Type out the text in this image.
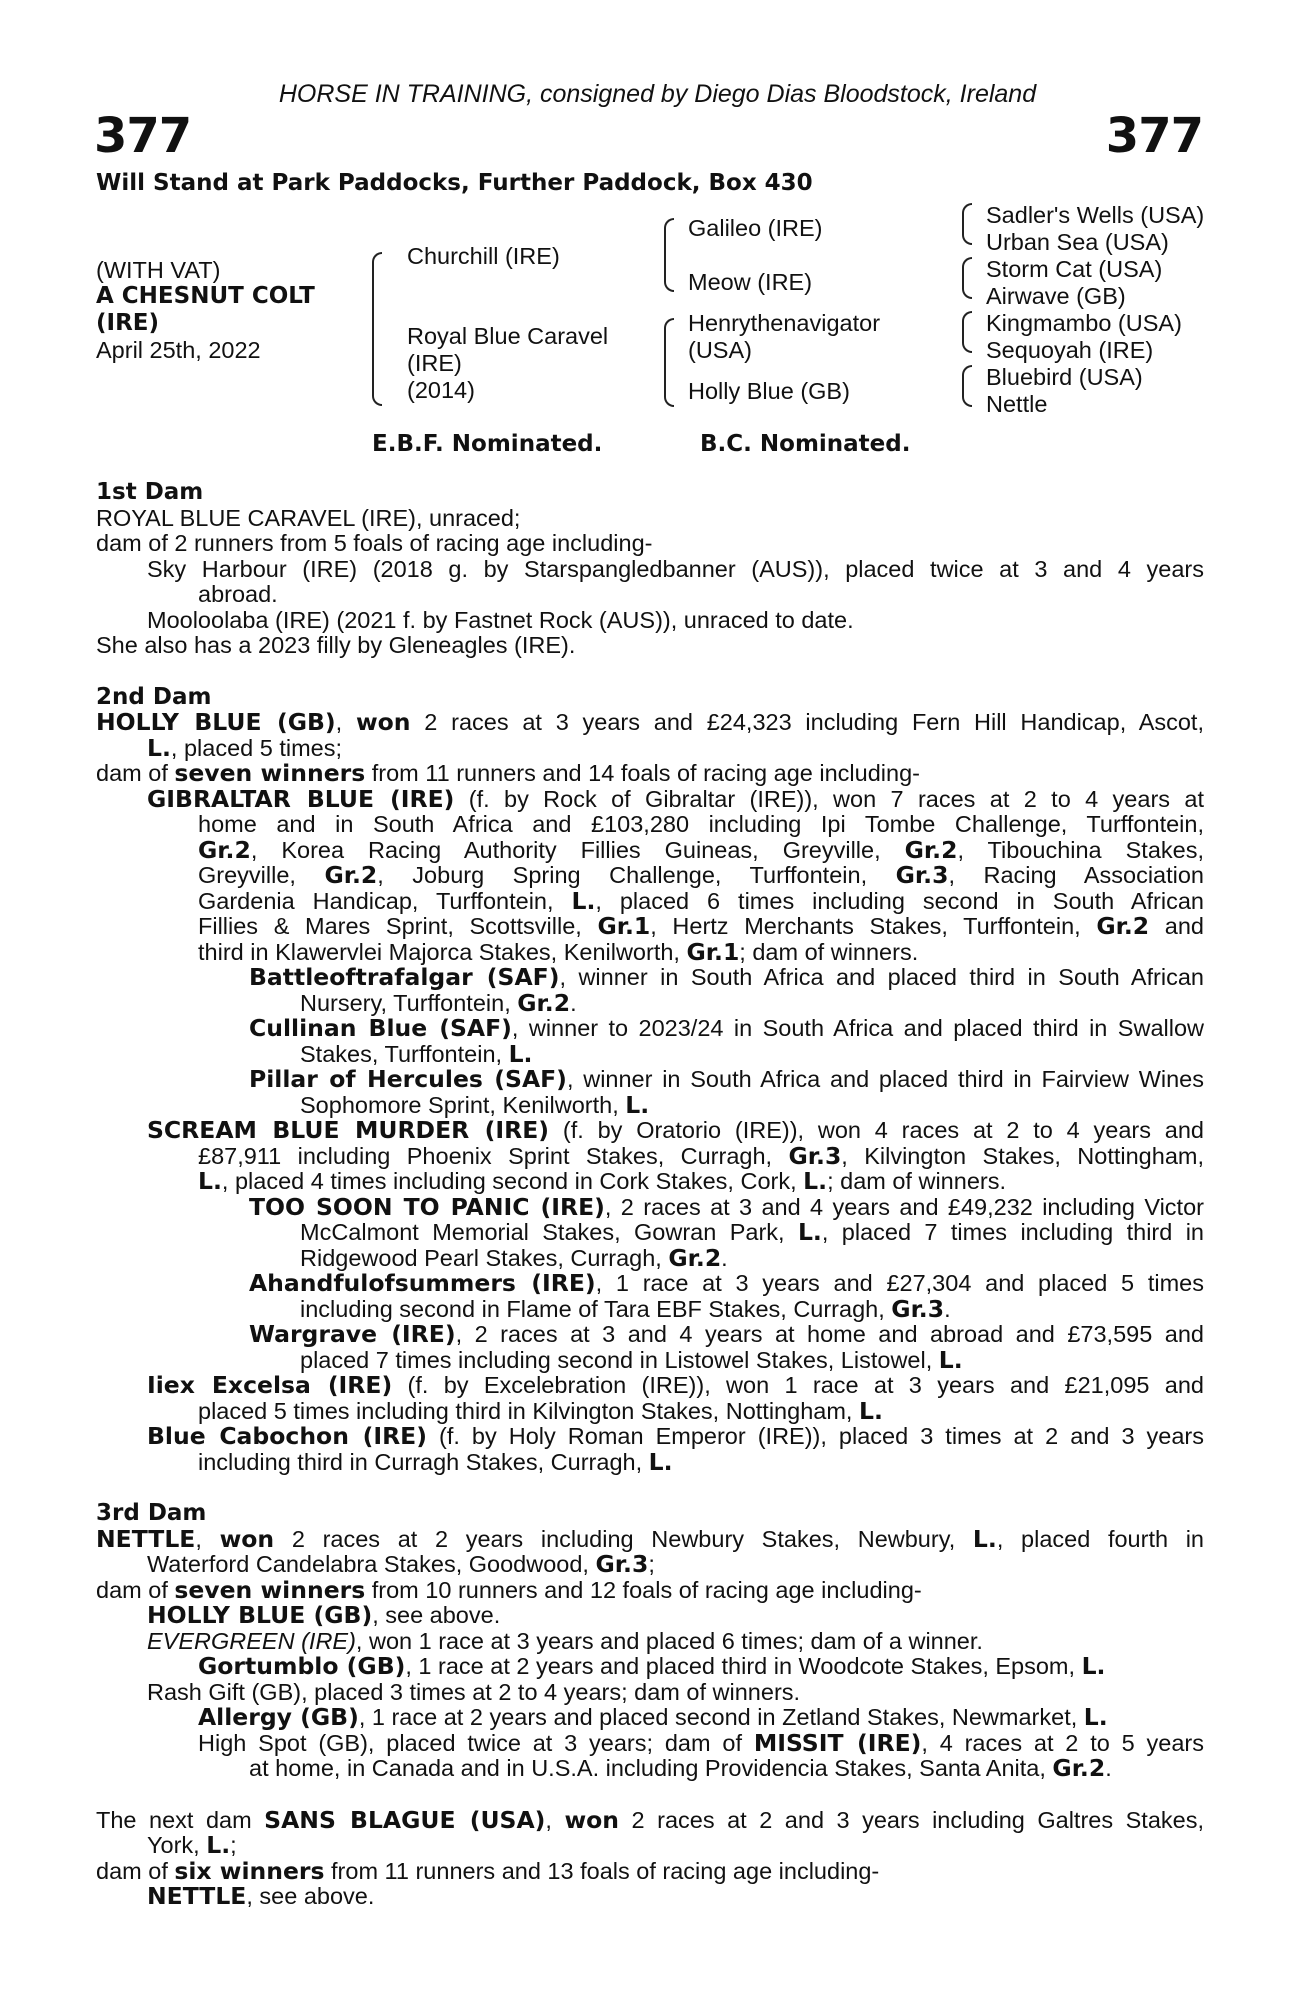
HORSE IN TRAINING, consigned by Diego Dias Bloodstock, Ireland
377	377
Will Stand at Park Paddocks, Further Paddock, Box 430
(WITH VAT)
A CHESNUT COLT
(IRE)
April 25th, 2022
Churchill (IRE)
Royal Blue Caravel
(IRE)
(2014)
Galileo (IRE)
Meow (IRE)
Henrythenavigator
(USA)
Holly Blue (GB)
Sadler's Wells (USA)
Urban Sea (USA)
Storm Cat (USA)
Airwave (GB)
Kingmambo (USA)
Sequoyah (IRE)
Bluebird (USA)
Nettle
E.B.F. Nominated.	B.C. Nominated.
1st Dam
ROYAL BLUE CARAVEL (IRE), unraced;
dam of 2 runners from 5 foals of racing age including-
Sky Harbour (IRE) (2018 g. by Starspangledbanner (AUS)), placed twice at 3 and 4 years
abroad.
Mooloolaba (IRE) (2021 f. by Fastnet Rock (AUS)), unraced to date.
She also has a 2023 filly by Gleneagles (IRE).
2nd Dam
HOLLY BLUE (GB), won 2 races at 3 years and £24,323 including Fern Hill Handicap, Ascot,
L., placed 5 times;
dam of seven winners from 11 runners and 14 foals of racing age including-
GIBRALTAR BLUE (IRE) (f. by Rock of Gibraltar (IRE)), won 7 races at 2 to 4 years at
home and in South Africa and £103,280 including Ipi Tombe Challenge, Turffontein,
Gr.2, Korea Racing Authority Fillies Guineas, Greyville, Gr.2, Tibouchina Stakes,
Greyville, Gr.2, Joburg Spring Challenge, Turffontein, Gr.3, Racing Association
Gardenia Handicap, Turffontein, L., placed 6 times including second in South African
Fillies & Mares Sprint, Scottsville, Gr.1, Hertz Merchants Stakes, Turffontein, Gr.2 and
third in Klawervlei Majorca Stakes, Kenilworth, Gr.1; dam of winners.
Battleoftrafalgar (SAF), winner in South Africa and placed third in South African
Nursery, Turffontein, Gr.2.
Cullinan Blue (SAF), winner to 2023/24 in South Africa and placed third in Swallow
Stakes, Turffontein, L.
Pillar of Hercules (SAF), winner in South Africa and placed third in Fairview Wines
Sophomore Sprint, Kenilworth, L.
SCREAM BLUE MURDER (IRE) (f. by Oratorio (IRE)), won 4 races at 2 to 4 years and
£87,911 including Phoenix Sprint Stakes, Curragh, Gr.3, Kilvington Stakes, Nottingham,
L., placed 4 times including second in Cork Stakes, Cork, L.; dam of winners.
TOO SOON TO PANIC (IRE), 2 races at 3 and 4 years and £49,232 including Victor
McCalmont Memorial Stakes, Gowran Park, L., placed 7 times including third in
Ridgewood Pearl Stakes, Curragh, Gr.2.
Ahandfulofsummers (IRE), 1 race at 3 years and £27,304 and placed 5 times
including second in Flame of Tara EBF Stakes, Curragh, Gr.3.
Wargrave (IRE), 2 races at 3 and 4 years at home and abroad and £73,595 and
placed 7 times including second in Listowel Stakes, Listowel, L.
Iiex Excelsa (IRE) (f. by Excelebration (IRE)), won 1 race at 3 years and £21,095 and
placed 5 times including third in Kilvington Stakes, Nottingham, L.
Blue Cabochon (IRE) (f. by Holy Roman Emperor (IRE)), placed 3 times at 2 and 3 years
including third in Curragh Stakes, Curragh, L.
3rd Dam
NETTLE, won 2 races at 2 years including Newbury Stakes, Newbury, L., placed fourth in
Waterford Candelabra Stakes, Goodwood, Gr.3;
dam of seven winners from 10 runners and 12 foals of racing age including-
HOLLY BLUE (GB), see above.
EVERGREEN (IRE), won 1 race at 3 years and placed 6 times; dam of a winner.
Gortumblo (GB), 1 race at 2 years and placed third in Woodcote Stakes, Epsom, L.
Rash Gift (GB), placed 3 times at 2 to 4 years; dam of winners.
Allergy (GB), 1 race at 2 years and placed second in Zetland Stakes, Newmarket, L.
High Spot (GB), placed twice at 3 years; dam of MISSIT (IRE), 4 races at 2 to 5 years
at home, in Canada and in U.S.A. including Providencia Stakes, Santa Anita, Gr.2.
The next dam SANS BLAGUE (USA), won 2 races at 2 and 3 years including Galtres Stakes,
York, L.;
dam of six winners from 11 runners and 13 foals of racing age including-
NETTLE, see above.
